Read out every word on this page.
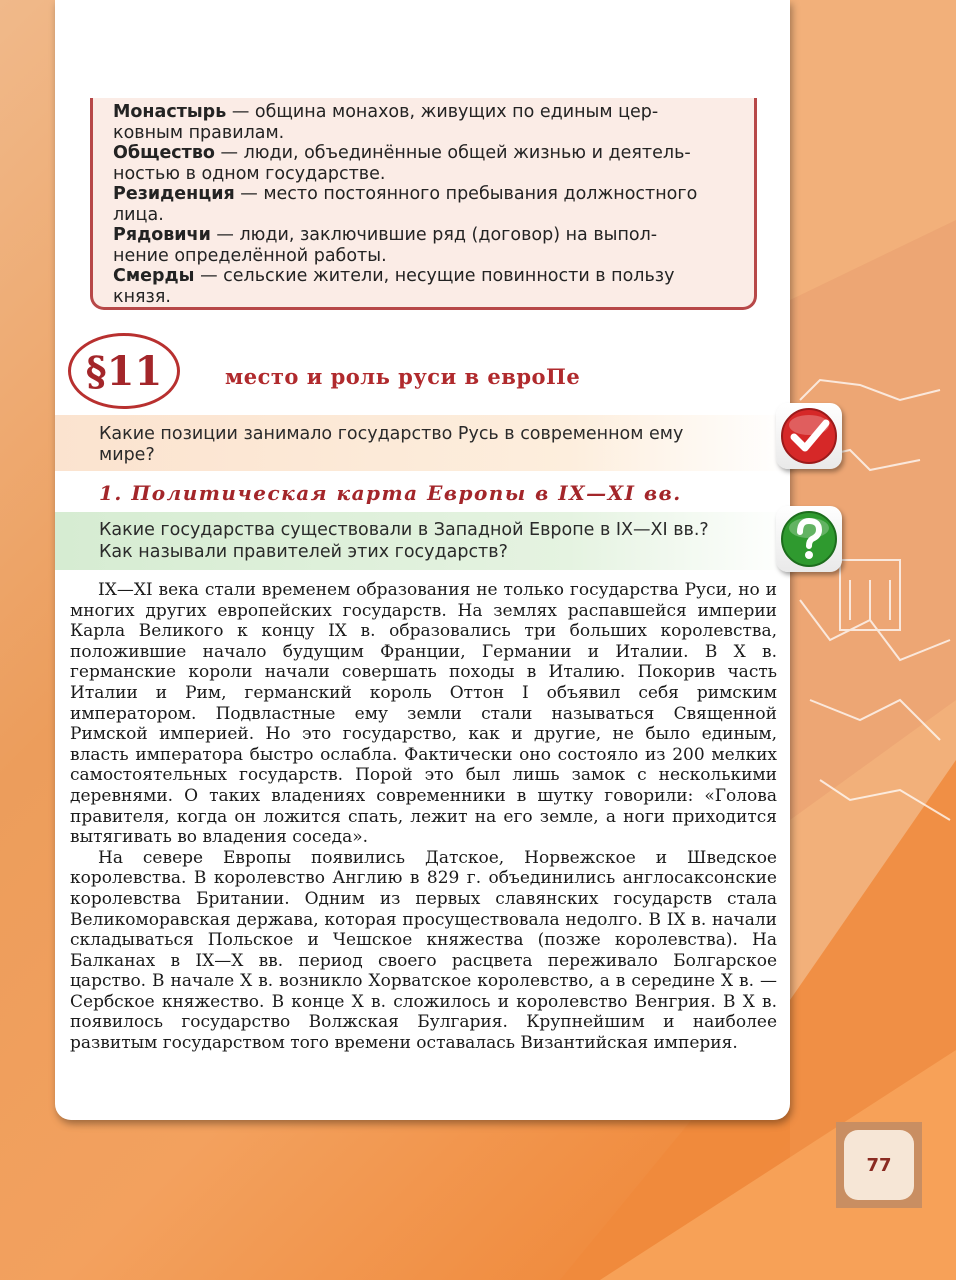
Монастырь — община монахов, живущих по единым цер-

ковным правилам.

Общество — люди, объединённые общей жизнью и деятель-

ностью в одном государстве.

Резиденция — место постоянного пребывания должностного

лица.

Рядовичи — люди, заключившие ряд (договор) на выпол-

нение определённой работы.

Смерды — сельские жители, несущие повинности в пользу

князя.

§11	место и роль руси в евроПе
Какие позиции занимало государство Русь в современном ему
мире?
1. Политическая карта Европы в IX—XI вв.
Какие государства существовали в Западной Европе в IX—XI вв.?
Как называли правителей этих государств?

IX—XI века стали временем образования не только государства Руси, но и многих других европейских государств. На землях распавшейся империи Карла Великого к концу IX в. образовались три больших королевства, положившие начало будущим Франции, Германии и Италии. В X в. германские короли начали совершать походы в Италию. Покорив часть Италии и Рим, германский король Оттон I объявил себя римским императором. Подвластные ему земли стали называться Священной Римской империей. Но это государство, как и другие, не было единым, власть императора быстро ослабла. Фактически оно состояло из 200 мелких самостоятельных государств. Порой это был лишь замок с несколькими деревнями. О таких владениях современники в шутку говорили: «Голова правителя, когда он ложится спать, лежит на его земле, а ноги приходится вытягивать во владения соседа».

На севере Европы появились Датское, Норвежское и Шведское королевства. В королевство Англию в 829 г. объединились англосаксонские королевства Британии. Одним из первых славянских государств стала Великоморавская держава, которая просуществовала недолго. В IX в. начали складываться Польское и Чешское княжества (позже королевства). На Балканах в IX—X вв. период своего расцвета переживало Болгарское царство. В начале X в. возникло Хорватское королевство, а в середине X в. — Сербское княжество. В конце X в. сложилось и королевство Венгрия. В X в. появилось государство Волжская Булгария. Крупнейшим и наиболее развитым государством того времени оставалась Византийская империя.

77
